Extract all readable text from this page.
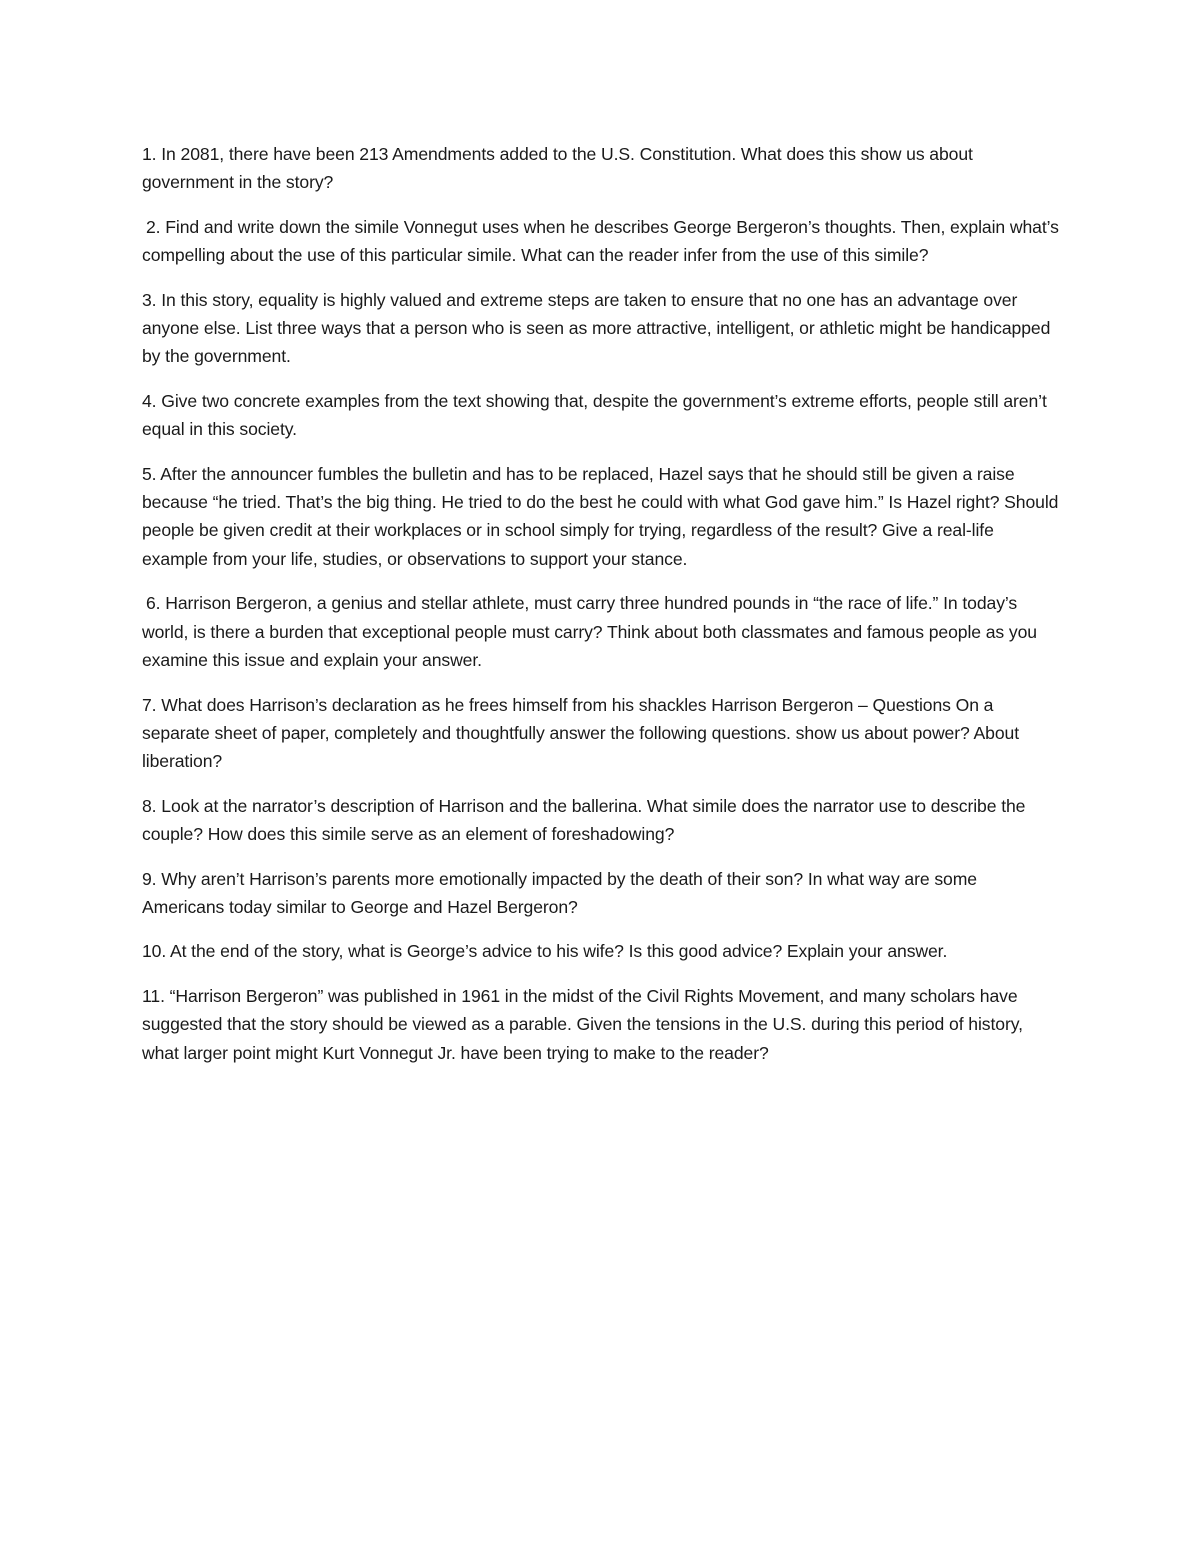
1. In 2081, there have been 213 Amendments added to the U.S. Constitution. What does this show us about government in the story?

2. Find and write down the simile Vonnegut uses when he describes George Bergeron’s thoughts. Then, explain what’s compelling about the use of this particular simile. What can the reader infer from the use of this simile?

3. In this story, equality is highly valued and extreme steps are taken to ensure that no one has an advantage over anyone else. List three ways that a person who is seen as more attractive, intelligent, or athletic might be handicapped by the government.

4. Give two concrete examples from the text showing that, despite the government’s extreme efforts, people still aren’t equal in this society.

5. After the announcer fumbles the bulletin and has to be replaced, Hazel says that he should still be given a raise because “he tried. That’s the big thing. He tried to do the best he could with what God gave him.” Is Hazel right? Should people be given credit at their workplaces or in school simply for trying, regardless of the result? Give a real-life example from your life, studies, or observations to support your stance.

6. Harrison Bergeron, a genius and stellar athlete, must carry three hundred pounds in “the race of life.” In today’s world, is there a burden that exceptional people must carry? Think about both classmates and famous people as you examine this issue and explain your answer.

7. What does Harrison’s declaration as he frees himself from his shackles Harrison Bergeron – Questions On a separate sheet of paper, completely and thoughtfully answer the following questions. show us about power? About liberation?

8. Look at the narrator’s description of Harrison and the ballerina. What simile does the narrator use to describe the couple? How does this simile serve as an element of foreshadowing?

9. Why aren’t Harrison’s parents more emotionally impacted by the death of their son? In what way are some Americans today similar to George and Hazel Bergeron?

10. At the end of the story, what is George’s advice to his wife? Is this good advice? Explain your answer.

11. “Harrison Bergeron” was published in 1961 in the midst of the Civil Rights Movement, and many scholars have suggested that the story should be viewed as a parable. Given the tensions in the U.S. during this period of history, what larger point might Kurt Vonnegut Jr. have been trying to make to the reader?
